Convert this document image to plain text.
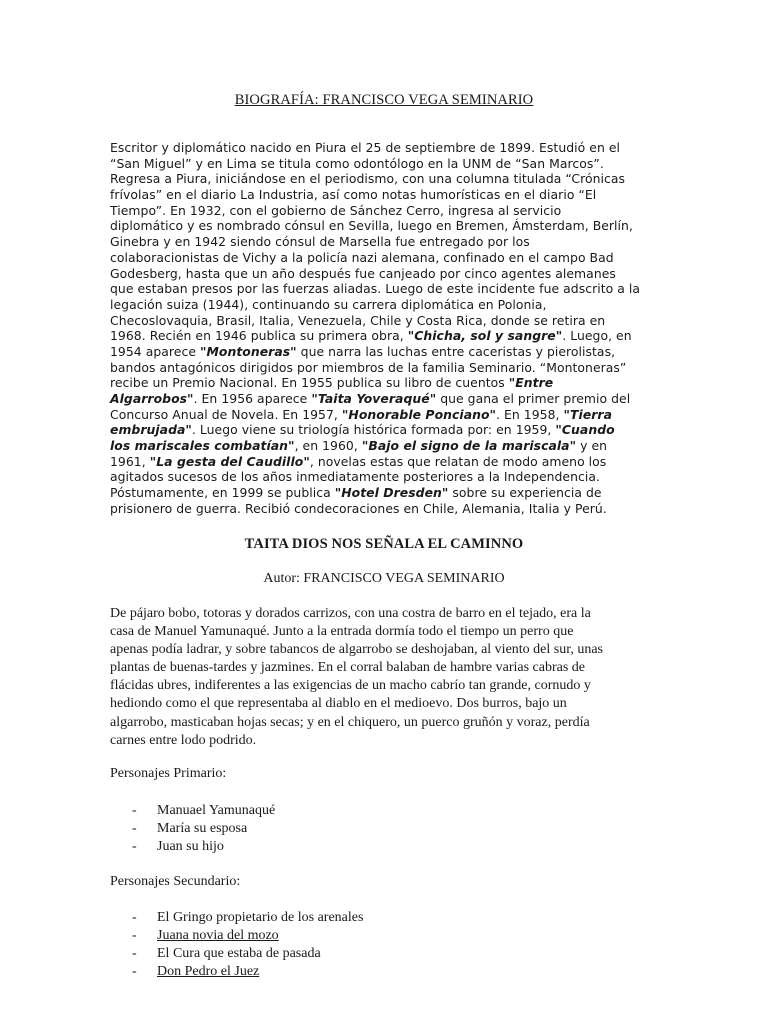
BIOGRAFÍA: FRANCISCO VEGA SEMINARIO
Escritor y diplomático nacido en Piura el 25 de septiembre de 1899. Estudió en el
“San Miguel” y en Lima se titula como odontólogo en la UNM de “San Marcos”.
Regresa a Piura, iniciándose en el periodismo, con una columna titulada “Crónicas
frívolas” en el diario La Industria, así como notas humorísticas en el diario “El
Tiempo”. En 1932, con el gobierno de Sánchez Cerro, ingresa al servicio
diplomático y es nombrado cónsul en Sevilla, luego en Bremen, Ámsterdam, Berlín,
Ginebra y en 1942 siendo cónsul de Marsella fue entregado por los
colaboracionistas de Vichy a la policía nazi alemana, confinado en el campo Bad
Godesberg, hasta que un año después fue canjeado por cinco agentes alemanes
que estaban presos por las fuerzas aliadas. Luego de este incidente fue adscrito a la
legación suiza (1944), continuando su carrera diplomática en Polonia,
Checoslovaquia, Brasil, Italia, Venezuela, Chile y Costa Rica, donde se retira en
1968. Recién en 1946 publica su primera obra, "Chicha, sol y sangre". Luego, en
1954 aparece "Montoneras" que narra las luchas entre caceristas y pierolistas,
bandos antagónicos dirigidos por miembros de la familia Seminario. “Montoneras”
recibe un Premio Nacional. En 1955 publica su libro de cuentos "Entre
Algarrobos". En 1956 aparece "Taita Yoveraqué" que gana el primer premio del
Concurso Anual de Novela. En 1957, "Honorable Ponciano". En 1958, "Tierra
embrujada". Luego viene su triología histórica formada por: en 1959, "Cuando
los mariscales combatían", en 1960, "Bajo el signo de la mariscala" y en
1961, "La gesta del Caudillo", novelas estas que relatan de modo ameno los
agitados sucesos de los años inmediatamente posteriores a la Independencia.
Póstumamente, en 1999 se publica "Hotel Dresden" sobre su experiencia de
prisionero de guerra. Recibió condecoraciones en Chile, Alemania, Italia y Perú.
TAITA DIOS NOS SEÑALA EL CAMINNO
Autor: FRANCISCO VEGA SEMINARIO
De pájaro bobo, totoras y dorados carrizos, con una costra de barro en el tejado, era la
casa de Manuel Yamunaqué. Junto a la entrada dormía todo el tiempo un perro que
apenas podía ladrar, y sobre tabancos de algarrobo se deshojaban, al viento del sur, unas
plantas de buenas-tardes y jazmines. En el corral balaban de hambre varias cabras de
flácidas ubres, indiferentes a las exigencias de un macho cabrío tan grande, cornudo y
hediondo como el que representaba al diablo en el medioevo. Dos burros, bajo un
algarrobo, masticaban hojas secas; y en el chiquero, un puerco gruñón y voraz, perdía
carnes entre lodo podrido.
Personajes Primario:
- Manuael Yamunaqué
- María su esposa
- Juan su hijo
Personajes Secundario:
- El Gringo propietario de los arenales
- Juana novia del mozo
- El Cura que estaba de pasada
- Don Pedro el Juez
